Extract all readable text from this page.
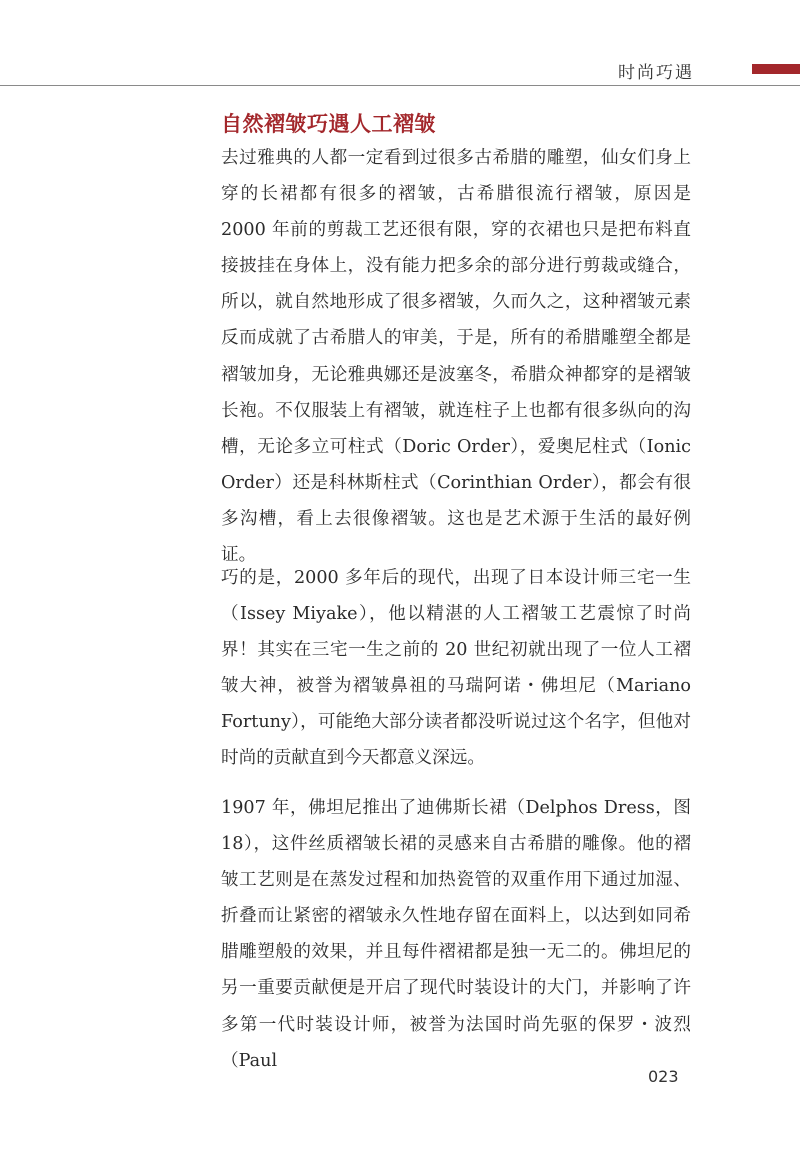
时尚巧遇
自然褶皱巧遇人工褶皱

去过雅典的人都一定看到过很多古希腊的雕塑，仙女们身上穿的长裙都有很多的褶皱，古希腊很流行褶皱，原因是 2000 年前的剪裁工艺还很有限，穿的衣裙也只是把布料直接披挂在身体上，没有能力把多余的部分进行剪裁或缝合，所以，就自然地形成了很多褶皱，久而久之，这种褶皱元素反而成就了古希腊人的审美，于是，所有的希腊雕塑全都是褶皱加身，无论雅典娜还是波塞冬，希腊众神都穿的是褶皱长袍。不仅服装上有褶皱，就连柱子上也都有很多纵向的沟槽，无论多立可柱式（Doric Order），爱奥尼柱式（Ionic Order）还是科林斯柱式（Corinthian Order），都会有很多沟槽，看上去很像褶皱。这也是艺术源于生活的最好例证。

巧的是，2000 多年后的现代，出现了日本设计师三宅一生（Issey Miyake），他以精湛的人工褶皱工艺震惊了时尚界！其实在三宅一生之前的 20 世纪初就出现了一位人工褶皱大神，被誉为褶皱鼻祖的马瑞阿诺・佛坦尼（Mariano Fortuny），可能绝大部分读者都没听说过这个名字，但他对时尚的贡献直到今天都意义深远。

1907 年，佛坦尼推出了迪佛斯长裙（Delphos Dress，图 18），这件丝质褶皱长裙的灵感来自古希腊的雕像。他的褶皱工艺则是在蒸发过程和加热瓷管的双重作用下通过加湿、折叠而让紧密的褶皱永久性地存留在面料上，以达到如同希腊雕塑般的效果，并且每件褶裙都是独一无二的。佛坦尼的另一重要贡献便是开启了现代时装设计的大门，并影响了许多第一代时装设计师，被誉为法国时尚先驱的保罗・波烈（Paul

023
